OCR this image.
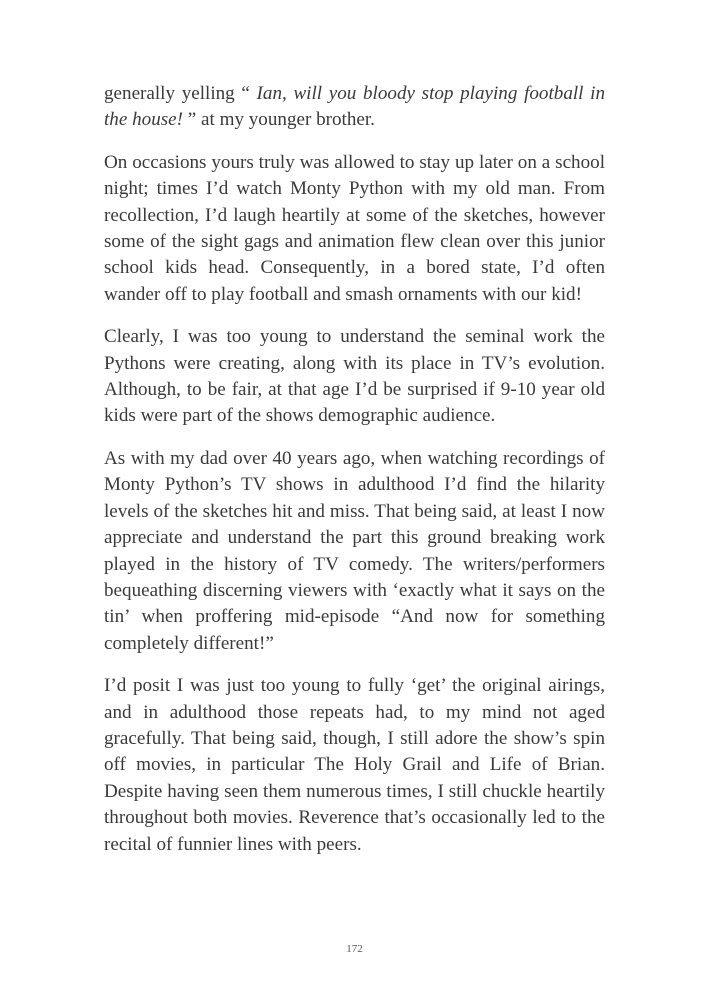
generally yelling “ Ian, will you bloody stop playing football in the house! ” at my younger brother.

On occasions yours truly was allowed to stay up later on a school night; times I’d watch Monty Python with my old man. From recollection, I’d laugh heartily at some of the sketches, however some of the sight gags and animation flew clean over this junior school kids head. Consequently, in a bored state, I’d often wander off to play football and smash ornaments with our kid!

Clearly, I was too young to understand the seminal work the Pythons were creating, along with its place in TV’s evolution. Although, to be fair, at that age I’d be surprised if 9-10 year old kids were part of the shows demographic audience.

As with my dad over 40 years ago, when watching recordings of Monty Python’s TV shows in adulthood I’d find the hilarity levels of the sketches hit and miss. That being said, at least I now appreciate and understand the part this ground breaking work played in the history of TV comedy. The writers/performers bequeathing discerning viewers with ‘exactly what it says on the tin’ when proffering mid-episode “And now for something completely different!”

I’d posit I was just too young to fully ‘get’ the original airings, and in adulthood those repeats had, to my mind not aged gracefully. That being said, though, I still adore the show’s spin off movies, in particular The Holy Grail and Life of Brian. Despite having seen them numerous times, I still chuckle heartily throughout both movies. Reverence that’s occasionally led to the recital of funnier lines with peers.

172
